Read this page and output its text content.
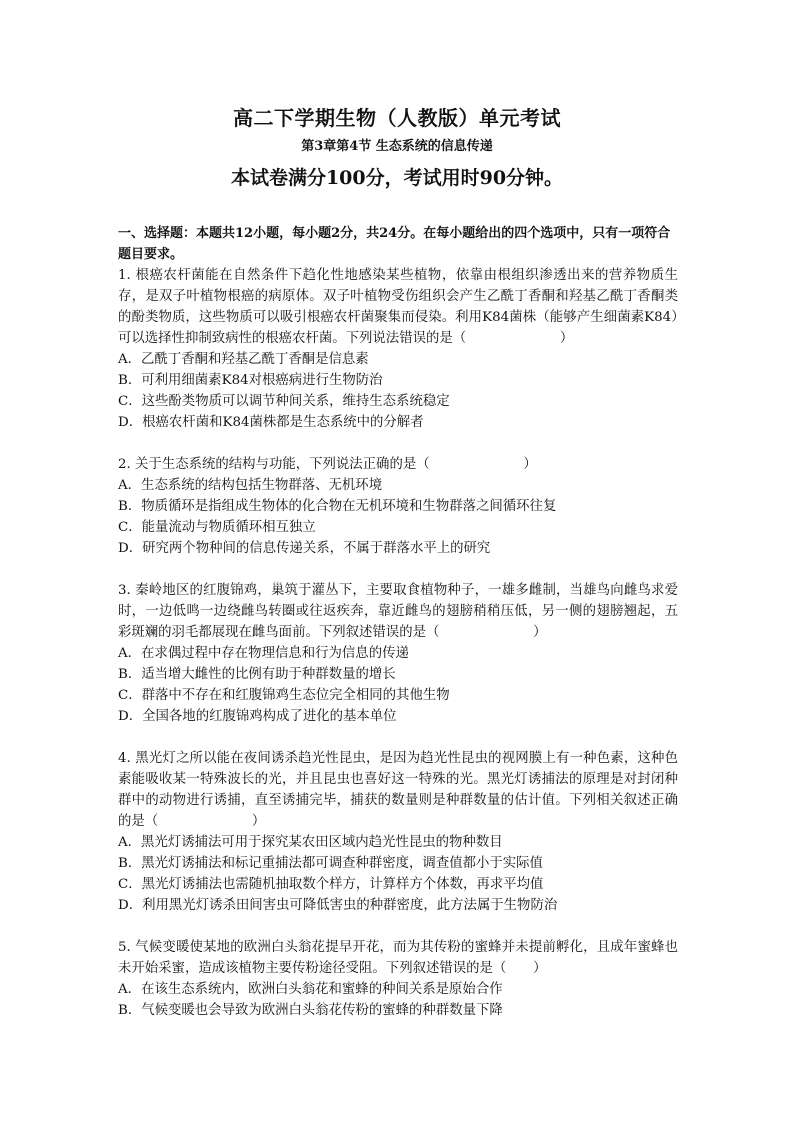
高二下学期生物（人教版）单元考试
第3章第4节 生态系统的信息传递
本试卷满分100分，考试用时90分钟。
一、选择题：本题共12小题，每小题2分，共24分。在每小题给出的四个选项中，只有一项符合题目要求。
1. 根癌农杆菌能在自然条件下趋化性地感染某些植物，依靠由根组织渗透出来的营养物质生存，是双子叶植物根癌的病原体。双子叶植物受伤组织会产生乙酰丁香酮和羟基乙酰丁香酮类的酚类物质，这些物质可以吸引根癌农杆菌聚集而侵染。利用K84菌株（能够产生细菌素K84）可以选择性抑制致病性的根癌农杆菌。下列说法错误的是（　　　　　　　）
A．乙酰丁香酮和羟基乙酰丁香酮是信息素
B．可利用细菌素K84对根癌病进行生物防治
C．这些酚类物质可以调节种间关系，维持生态系统稳定
D．根癌农杆菌和K84菌株都是生态系统中的分解者
2. 关于生态系统的结构与功能，下列说法正确的是（　　　　　　　）
A．生态系统的结构包括生物群落、无机环境
B．物质循环是指组成生物体的化合物在无机环境和生物群落之间循环往复
C．能量流动与物质循环相互独立
D．研究两个物种间的信息传递关系，不属于群落水平上的研究
3. 秦岭地区的红腹锦鸡，巢筑于灌丛下，主要取食植物种子，一雄多雌制，当雄鸟向雌鸟求爱时，一边低鸣一边绕雌鸟转圈或往返疾奔，靠近雌鸟的翅膀稍稍压低，另一侧的翅膀翘起，五彩斑斓的羽毛都展现在雌鸟面前。下列叙述错误的是（　　　　　　　）
A．在求偶过程中存在物理信息和行为信息的传递
B．适当增大雌性的比例有助于种群数量的增长
C．群落中不存在和红腹锦鸡生态位完全相同的其他生物
D．全国各地的红腹锦鸡构成了进化的基本单位
4. 黑光灯之所以能在夜间诱杀趋光性昆虫，是因为趋光性昆虫的视网膜上有一种色素，这种色素能吸收某一特殊波长的光，并且昆虫也喜好这一特殊的光。黑光灯诱捕法的原理是对封闭种群中的动物进行诱捕，直至诱捕完毕，捕获的数量则是种群数量的估计值。下列相关叙述正确的是（　　　　　　　）
A．黑光灯诱捕法可用于探究某农田区域内趋光性昆虫的物种数目
B．黑光灯诱捕法和标记重捕法都可调查种群密度，调查值都小于实际值
C．黑光灯诱捕法也需随机抽取数个样方，计算样方个体数，再求平均值
D．利用黑光灯诱杀田间害虫可降低害虫的种群密度，此方法属于生物防治
5. 气候变暖使某地的欧洲白头翁花提早开花，而为其传粉的蜜蜂并未提前孵化，且成年蜜蜂也未开始采蜜，造成该植物主要传粉途径受阻。下列叙述错误的是（　　）
A．在该生态系统内，欧洲白头翁花和蜜蜂的种间关系是原始合作
B．气候变暖也会导致为欧洲白头翁花传粉的蜜蜂的种群数量下降
